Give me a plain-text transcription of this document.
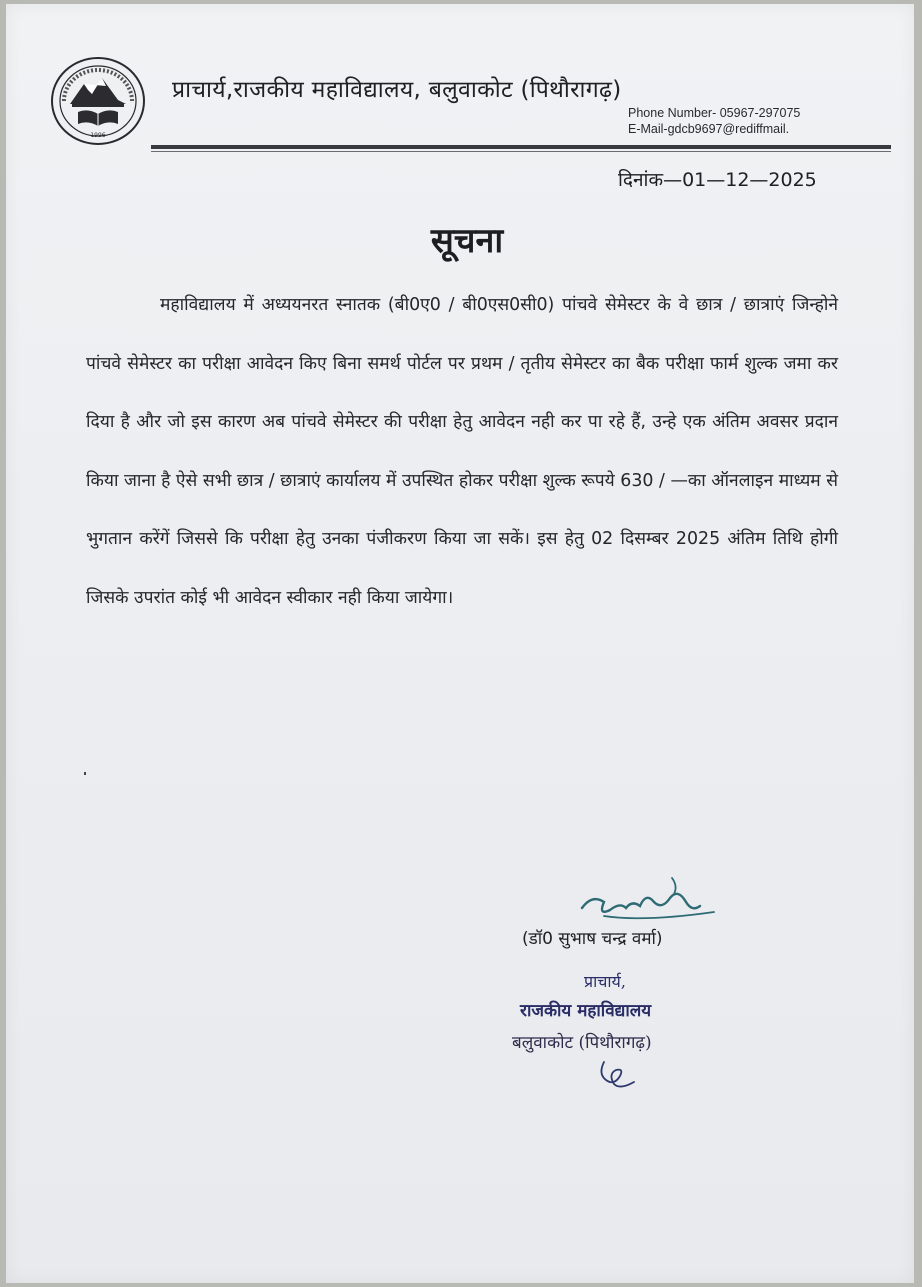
1996
प्राचार्य,राजकीय महाविद्यालय, बलुवाकोट (पिथौरागढ़)
Phone Number- 05967-297075
E-Mail-gdcb9697@rediffmail.
दिनांक—01—12—2025
सूचना

महाविद्यालय में अध्ययनरत स्नातक (बी0ए0 / बी0एस0सी0) पांचवे सेमेस्टर के वे छात्र / छात्राएं जिन्होने पांचवे सेमेस्टर का परीक्षा आवेदन किए बिना समर्थ पोर्टल पर प्रथम / तृतीय सेमेस्टर का बैक परीक्षा फार्म शुल्क जमा कर दिया है और जो इस कारण अब पांचवे सेमेस्टर की परीक्षा हेतु आवेदन नही कर पा रहे हैं, उन्हे एक अंतिम अवसर प्रदान किया जाना है ऐसे सभी छात्र / छात्राएं कार्यालय में उपस्थित होकर परीक्षा शुल्क रूपये 630 / —का ऑनलाइन माध्यम से भुगतान करेंगें जिससे कि परीक्षा हेतु उनका पंजीकरण किया जा सकें। इस हेतु 02 दिसम्बर 2025 अंतिम तिथि होगी जिसके उपरांत कोई भी आवेदन स्वीकार नही किया जायेगा।

(डॉ0 सुभाष चन्द्र वर्मा)
प्राचार्य,
राजकीय महाविद्यालय
बलुवाकोट (पिथौरागढ़)
